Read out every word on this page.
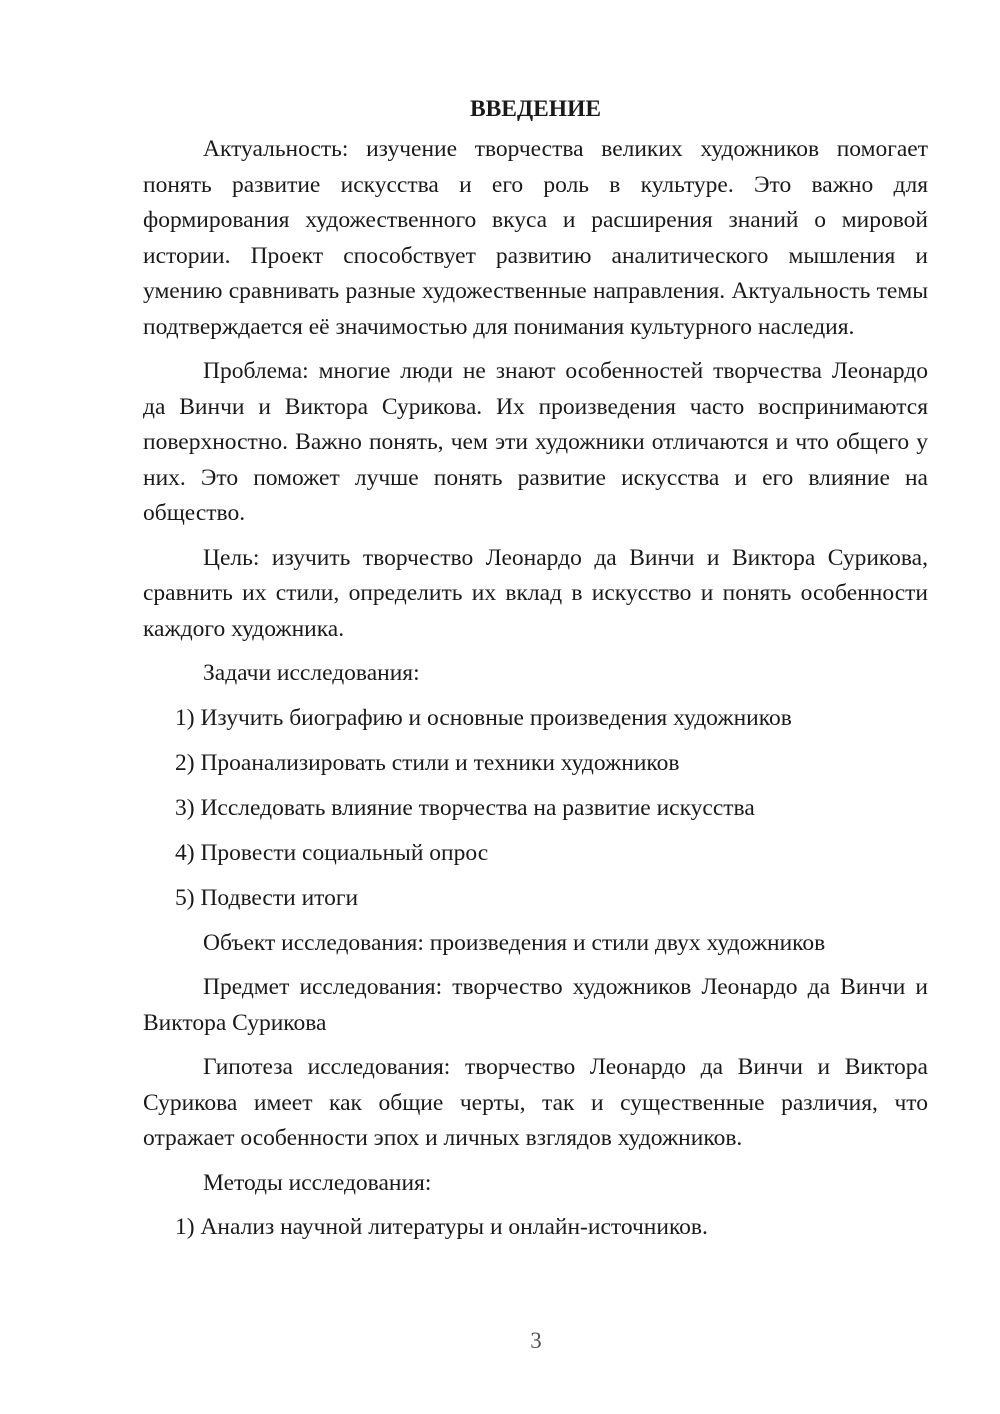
ВВЕДЕНИЕ

Актуальность: изучение творчества великих художников помогает понять развитие искусства и его роль в культуре. Это важно для формирования художественного вкуса и расширения знаний о мировой истории. Проект способствует развитию аналитического мышления и умению сравнивать разные художественные направления. Актуальность темы подтверждается её значимостью для понимания культурного наследия.

Проблема: многие люди не знают особенностей творчества Леонардо да Винчи и Виктора Сурикова. Их произведения часто воспринимаются поверхностно. Важно понять, чем эти художники отличаются и что общего у них. Это поможет лучше понять развитие искусства и его влияние на общество.

Цель: изучить творчество Леонардо да Винчи и Виктора Сурикова, сравнить их стили, определить их вклад в искусство и понять особенности каждого художника.

Задачи исследования:
1) Изучить биографию и основные произведения художников
2) Проанализировать стили и техники художников
3) Исследовать влияние творчества на развитие искусства
4) Провести социальный опрос
5) Подвести итоги

Объект исследования: произведения и стили двух художников

Предмет исследования: творчество художников Леонардо да Винчи и Виктора Сурикова

Гипотеза исследования: творчество Леонардо да Винчи и Виктора Сурикова имеет как общие черты, так и существенные различия, что отражает особенности эпох и личных взглядов художников.

Методы исследования:
1) Анализ научной литературы и онлайн-источников.
3
